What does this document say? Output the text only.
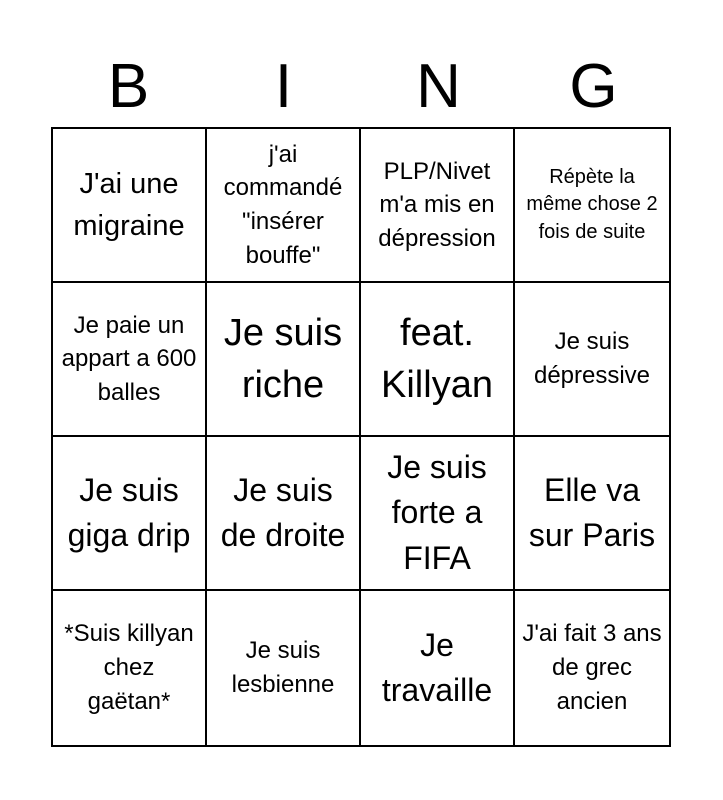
B	I	N	G
J'ai une migraine
j'ai commandé "insérer bouffe"
PLP/Nivet m'a mis en dépression
Répète la même chose 2 fois de suite
Je paie un appart a 600 balles
Je suis riche
feat. Killyan
Je suis dépressive
Je suis giga drip
Je suis de droite
Je suis forte a FIFA
Elle va sur Paris
*Suis killyan chez gaëtan*
Je suis lesbienne
Je travaille
J'ai fait 3 ans de grec ancien
